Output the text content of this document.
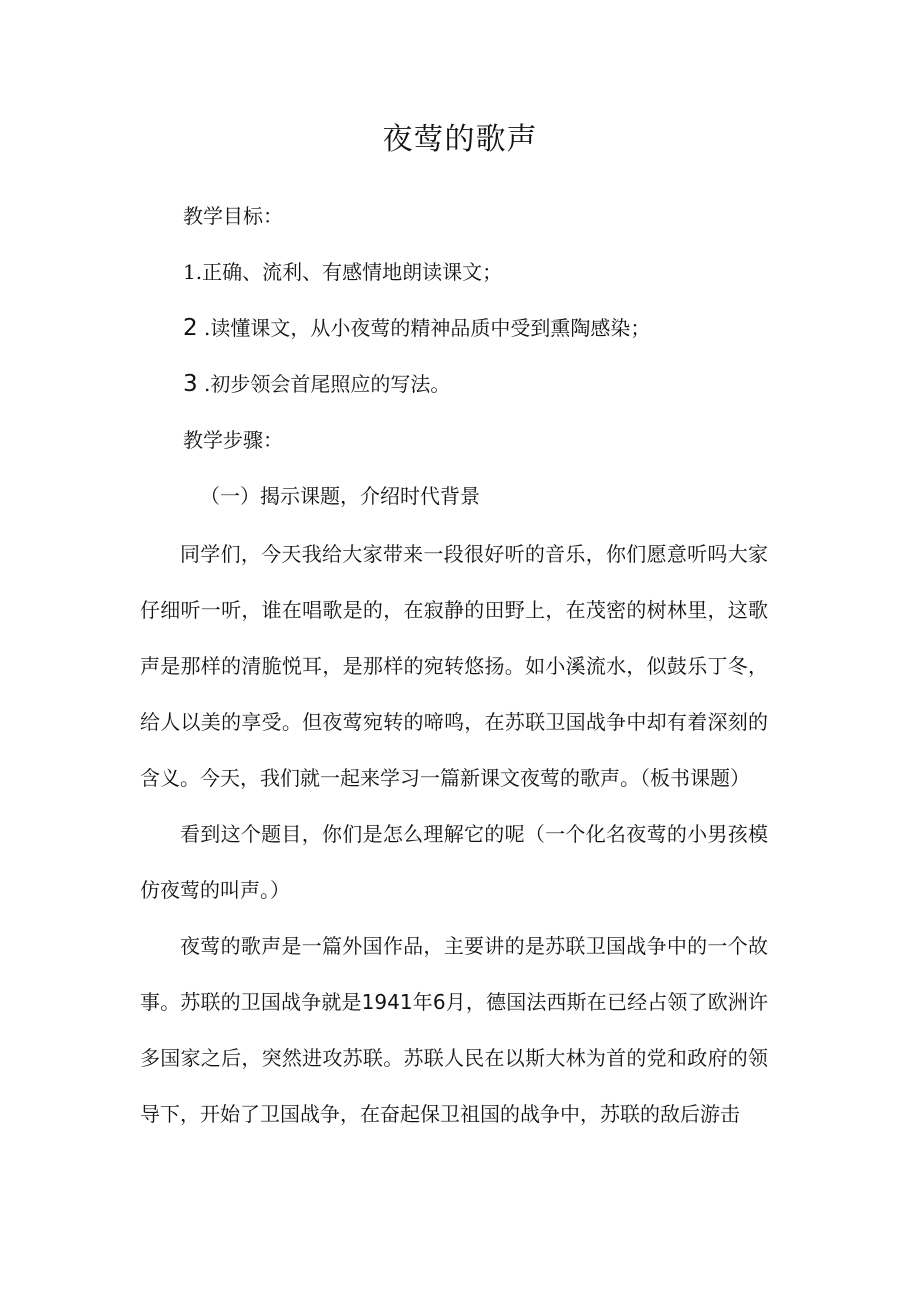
夜莺的歌声
教学目标：
1.正确、流利、有感情地朗读课文；
2 .读懂课文，从小夜莺的精神品质中受到熏陶感染；
3 .初步领会首尾照应的写法。
教学步骤：
（一）揭示课题，介绍时代背景
同学们，今天我给大家带来一段很好听的音乐，你们愿意听吗大家仔细听一听，谁在唱歌是的，在寂静的田野上，在茂密的树林里，这歌声是那样的清脆悦耳，是那样的宛转悠扬。如小溪流水，似鼓乐丁冬，给人以美的享受。但夜莺宛转的啼鸣，在苏联卫国战争中却有着深刻的含义。今天，我们就一起来学习一篇新课文夜莺的歌声。（板书课题）
看到这个题目，你们是怎么理解它的呢（一个化名夜莺的小男孩模仿夜莺的叫声。）
夜莺的歌声是一篇外国作品，主要讲的是苏联卫国战争中的一个故事。苏联的卫国战争就是1941年6月，德国法西斯在已经占领了欧洲许多国家之后，突然进攻苏联。苏联人民在以斯大林为首的党和政府的领导下，开始了卫国战争，在奋起保卫祖国的战争中，苏联的敌后游击
